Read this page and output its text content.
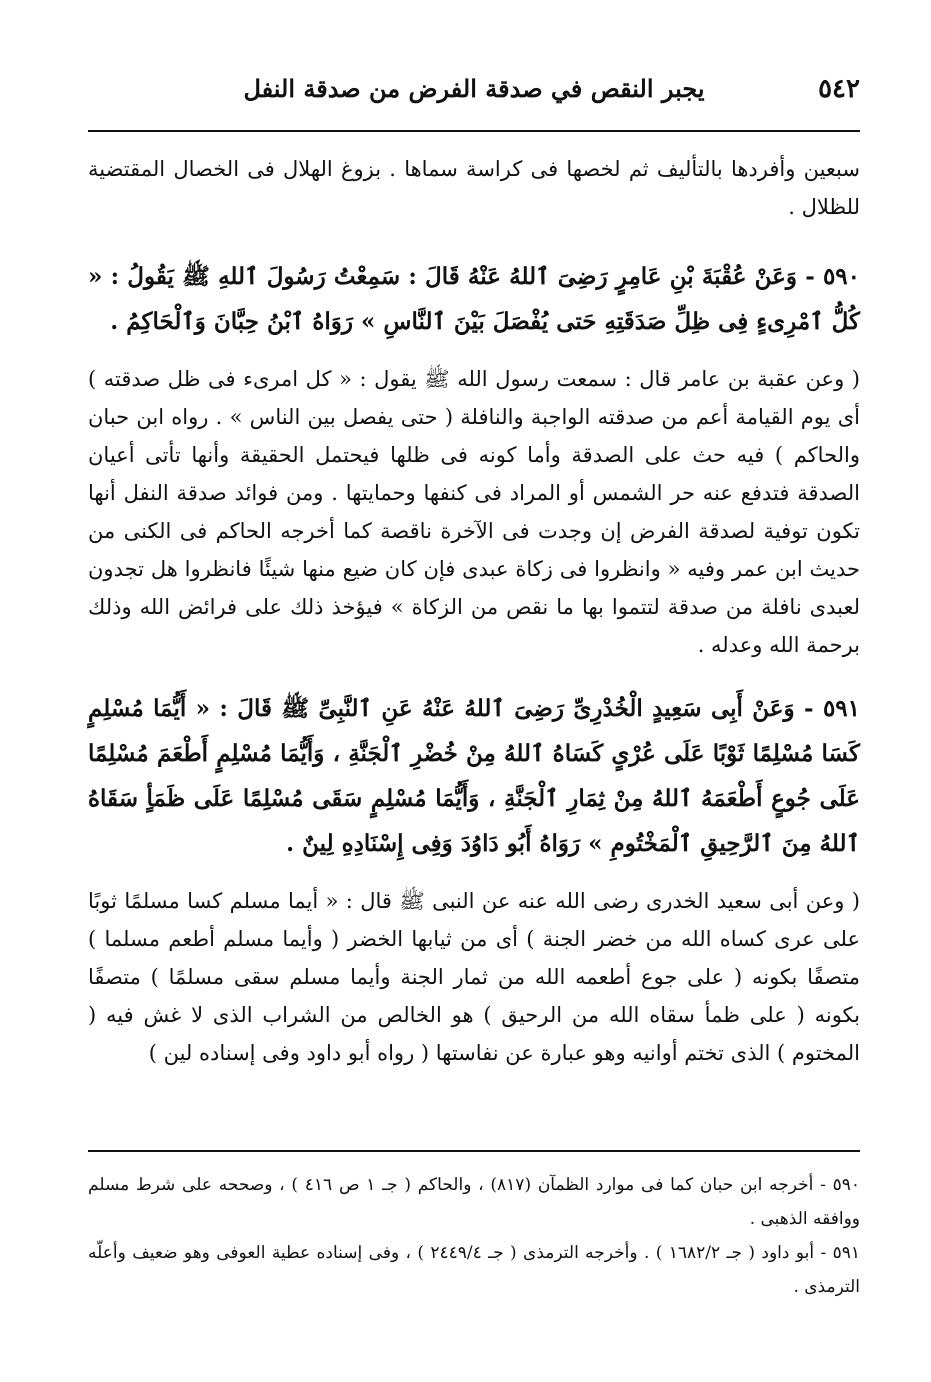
٥٤٢
يجبر النقص في صدقة الفرض من صدقة النفل

سبعين وأفردها بالتأليف ثم لخصها فى كراسة سماها . بزوغ الهلال فى الخصال المقتضية للظلال .

٥٩٠ - وَعَنْ عُقْبَةَ بْنِ عَامِرٍ رَضِىَ ٱللهُ عَنْهُ قَالَ : سَمِعْتُ رَسُولَ ٱللهِ ﷺ يَقُولُ : « كُلُّ ٱمْرِىءٍ فِى ظِلِّ صَدَقَتِهِ حَتى يُفْصَلَ بَيْنَ ٱلنَّاسِ » رَوَاهُ ٱبْنُ حِبَّانَ وَٱلْحَاكِمُ .

( وعن عقبة بن عامر قال : سمعت رسول الله ﷺ يقول : « كل امرىء فى ظل صدقته ) أى يوم القيامة أعم من صدقته الواجبة والنافلة ( حتى يفصل بين الناس » . رواه ابن حبان والحاكم ) فيه حث على الصدقة وأما كونه فى ظلها فيحتمل الحقيقة وأنها تأتى أعيان الصدقة فتدفع عنه حر الشمس أو المراد فى كنفها وحمايتها . ومن فوائد صدقة النفل أنها تكون توفية لصدقة الفرض إن وجدت فى الآخرة ناقصة كما أخرجه الحاكم فى الكنى من حديث ابن عمر وفيه « وانظروا فى زكاة عبدى فإن كان ضيع منها شيئًا فانظروا هل تجدون لعبدى نافلة من صدقة لتتموا بها ما نقص من الزكاة » فيؤخذ ذلك على فرائض الله وذلك برحمة الله وعدله .

٥٩١ - وَعَنْ أَبِى سَعِيدٍ الْخُدْرِىِّ رَضِىَ ٱللهُ عَنْهُ عَنِ ٱلنَّبِىِّ ﷺ قَالَ : « أَيُّمَا مُسْلِمٍ كَسَا مُسْلِمًا ثَوْبًا عَلَى عُرْىٍ كَسَاهُ ٱللهُ مِنْ خُضْرِ ٱلْجَنَّةِ ، وَأَيُّمَا مُسْلِمٍ أَطْعَمَ مُسْلِمًا عَلَى جُوعٍ أَطْعَمَهُ ٱللهُ مِنْ ثِمَارِ ٱلْجَنَّةِ ، وَأَيُّمَا مُسْلِمٍ سَقَى مُسْلِمًا عَلَى ظَمَأٍ سَقَاهُ ٱللهُ مِنَ ٱلرَّحِيقِ ٱلْمَخْتُومِ » رَوَاهُ أَبُو دَاوُدَ وَفِى إِسْنَادِهِ لِينٌ .

( وعن أبى سعيد الخدرى رضى الله عنه عن النبى ﷺ قال : « أيما مسلم كسا مسلمًا ثوبًا على عرى كساه الله من خضر الجنة ) أى من ثيابها الخضر ( وأيما مسلم أطعم مسلما ) متصفًا بكونه ( على جوع أطعمه الله من ثمار الجنة وأيما مسلم سقى مسلمًا ) متصفًا بكونه ( على ظمأ سقاه الله من الرحيق ) هو الخالص من الشراب الذى لا غش فيه ( المختوم ) الذى تختم أوانيه وهو عبارة عن نفاستها ( رواه أبو داود وفى إسناده لين )

٥٩٠ - أخرجه ابن حبان كما فى موارد الظمآن (٨١٧) ، والحاكم ( جـ ١ ص ٤١٦ ) ، وصححه على شرط مسلم ووافقه الذهبى .

٥٩١ - أبو داود ( جـ ١٦٨٢/٢ ) . وأخرجه الترمذى ( جـ ٢٤٤٩/٤ ) ، وفى إسناده عطية العوفى وهو ضعيف وأعلّه الترمذى .
